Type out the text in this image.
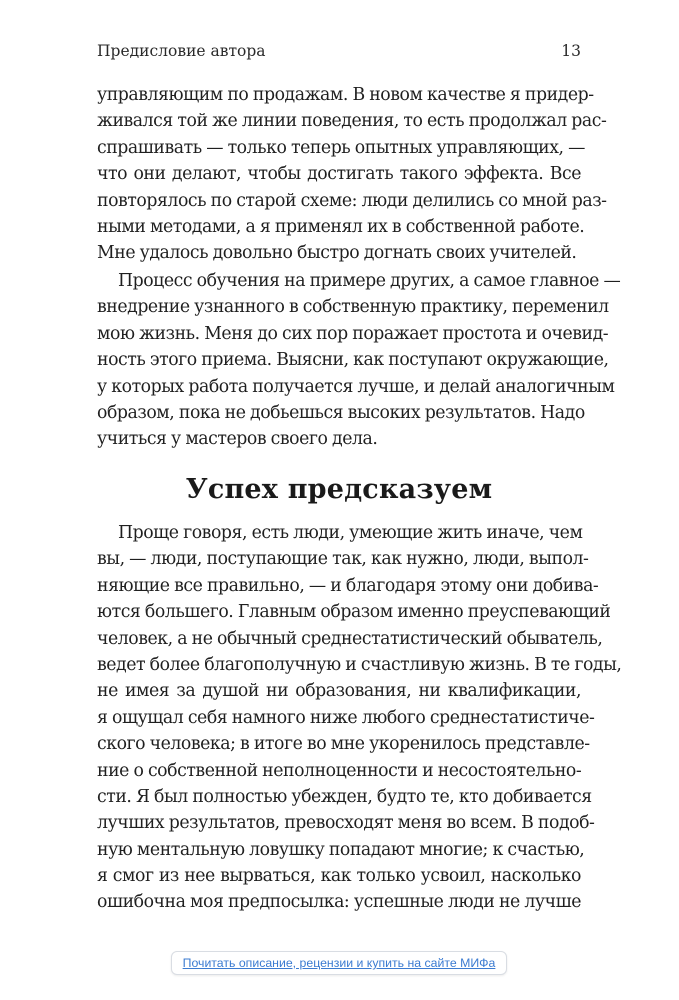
Предисловие автора	13
управляющим по продажам. В новом качестве я придер-
живался той же линии поведения, то есть продолжал рас-
спрашивать — только теперь опытных управляющих, —
что они делают, чтобы достигать такого эффекта. Все
повторялось по старой схеме: люди делились со мной раз-
ными методами, а я применял их в собственной работе.
Мне удалось довольно быстро догнать своих учителей.
Процесс обучения на примере других, а самое главное —
внедрение узнанного в собственную практику, переменил
мою жизнь. Меня до сих пор поражает простота и очевид-
ность этого приема. Выясни, как поступают окружающие,
у которых работа получается лучше, и делай аналогичным
образом, пока не добьешься высоких результатов. Надо
учиться у мастеров своего дела.
Успех предсказуем
Проще говоря, есть люди, умеющие жить иначе, чем
вы, — люди, поступающие так, как нужно, люди, выпол-
няющие все правильно, — и благодаря этому они добива-
ются большего. Главным образом именно преуспевающий
человек, а не обычный среднестатистический обыватель,
ведет более благополучную и счастливую жизнь. В те годы,
не имея за душой ни образования, ни квалификации,
я ощущал себя намного ниже любого среднестатистиче-
ского человека; в итоге во мне укоренилось представле-
ние о собственной неполноценности и несостоятельно-
сти. Я был полностью убежден, будто те, кто добивается
лучших результатов, превосходят меня во всем. В подоб-
ную ментальную ловушку попадают многие; к счастью,
я смог из нее вырваться, как только усвоил, насколько
ошибочна моя предпосылка: успешные люди не лучше
Почитать описание, рецензии и купить на сайте МИФа
